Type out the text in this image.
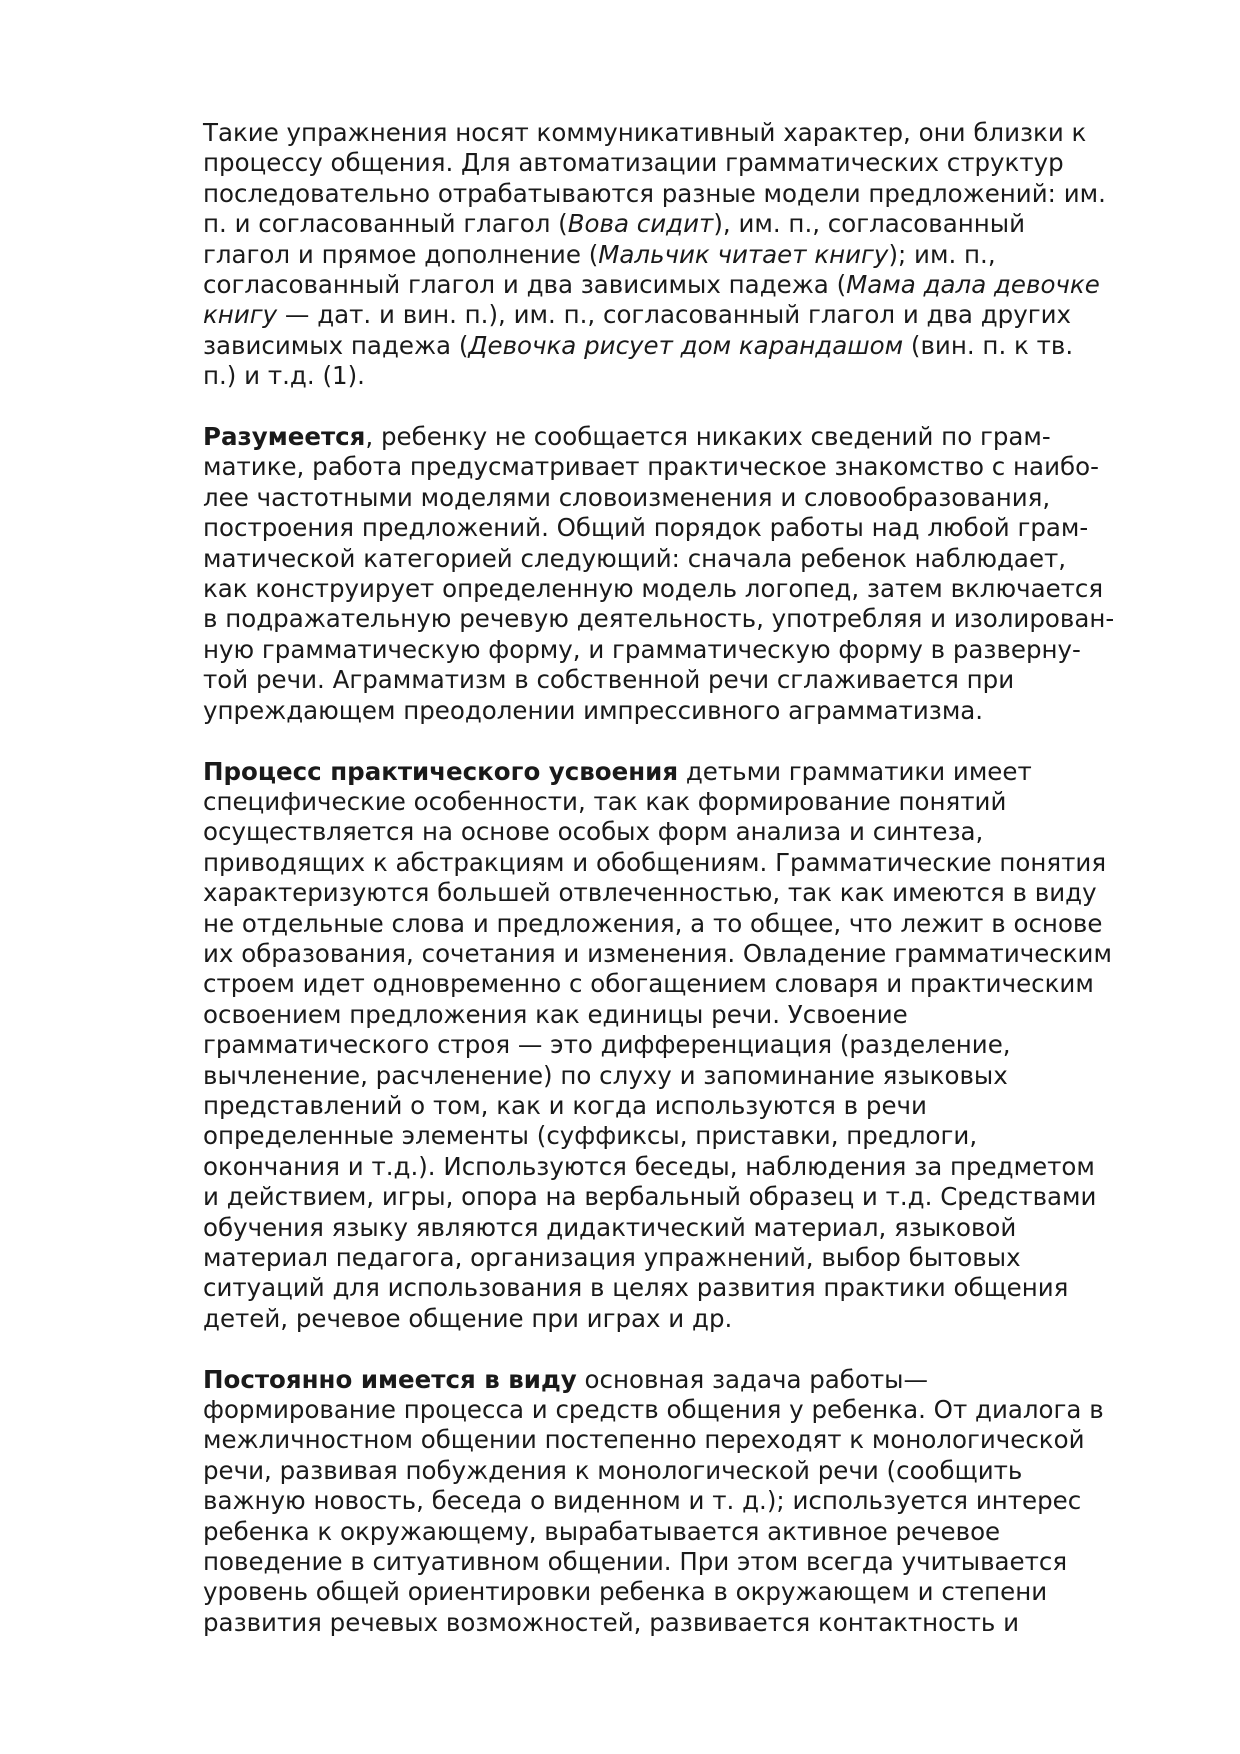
Такие упражнения носят коммуникативный характер, они близки к
процессу общения. Для автоматизации грамматических структур
последовательно отрабатываются разные модели предложений: им.
п. и согласованный глагол (Вова сидит), им. п., согласованный
глагол и прямое дополнение (Мальчик читает книгу); им. п.,
согласованный глагол и два зависимых падежа (Мама дала девочке
книгу — дат. и вин. п.), им. п., согласованный глагол и два других
зависимых падежа (Девочка рисует дом карандашом (вин. п. к тв.
п.) и т.д. (1).
Разумеется, ребенку не сообщается никаких сведений по грам-
матике, работа предусматривает практическое знакомство с наибо-
лее частотными моделями словоизменения и словообразования,
построения предложений. Общий порядок работы над любой грам-
матической категорией следующий: сначала ребенок наблюдает,
как конструирует определенную модель логопед, затем включается
в подражательную речевую деятельность, употребляя и изолирован-
ную грамматическую форму, и грамматическую форму в разверну-
той речи. Аграмматизм в собственной речи сглаживается при
упреждающем преодолении импрессивного аграмматизма.
Процесс практического усвоения детьми грамматики имеет
специфические особенности, так как формирование понятий
осуществляется на основе особых форм анализа и синтеза,
приводящих к абстракциям и обобщениям. Грамматические понятия
характеризуются большей отвлеченностью, так как имеются в виду
не отдельные слова и предложения, а то общее, что лежит в основе
их образования, сочетания и изменения. Овладение грамматическим
строем идет одновременно с обогащением словаря и практическим
освоением предложения как единицы речи. Усвоение
грамматического строя — это дифференциация (разделение,
вычленение, расчленение) по слуху и запоминание языковых
представлений о том, как и когда используются в речи
определенные элементы (суффиксы, приставки, предлоги,
окончания и т.д.). Используются беседы, наблюдения за предметом
и действием, игры, опора на вербальный образец и т.д. Средствами
обучения языку являются дидактический материал, языковой
материал педагога, организация упражнений, выбор бытовых
ситуаций для использования в целях развития практики общения
детей, речевое общение при играх и др.
Постоянно имеется в виду основная задача работы—
формирование процесса и средств общения у ребенка. От диалога в
межличностном общении постепенно переходят к монологической
речи, развивая побуждения к монологической речи (сообщить
важную новость, беседа о виденном и т. д.); используется интерес
ребенка к окружающему, вырабатывается активное речевое
поведение в ситуативном общении. При этом всегда учитывается
уровень общей ориентировки ребенка в окружающем и степени
развития речевых возможностей, развивается контактность и
